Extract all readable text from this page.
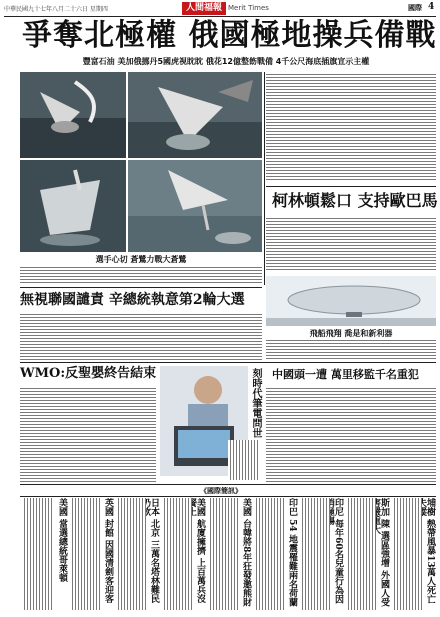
中華民國九十七年八月二十六日 星期四	人間福報 Merit Times	國際 4
爭奪北極權 俄國極地操兵備戰
豐富石油 美加俄挪丹5國虎視眈眈 俄花12億整飭戰備 4千公尺海底插旗宣示主權
選手心切 蒼鷺力戰大蒼鷺
柯林頓鬆口 支持歐巴馬
飛船飛翔 喬是和新利器
無視聯國譴責 辛總統執意第2輪大選
WMO:反聖嬰終告結束	刻時代筆電問世 中國頭一遭 萬里移監千名重犯
《國際簡訊》
埔樹 熱帶風暴13萬人死亡
斯加 陳 選區強增 外國人受
印尼 每年60名兒童行為因
印巴 54 地震罹難兩名荷蘭
美國 台韓將8年狂發邀熊財
美國 航廈擁擠 上百萬兵沒
日本 北京 三萬名塔林難民
英國 封館 因國清劍客迎客
美國 當選總統哥萊頓
